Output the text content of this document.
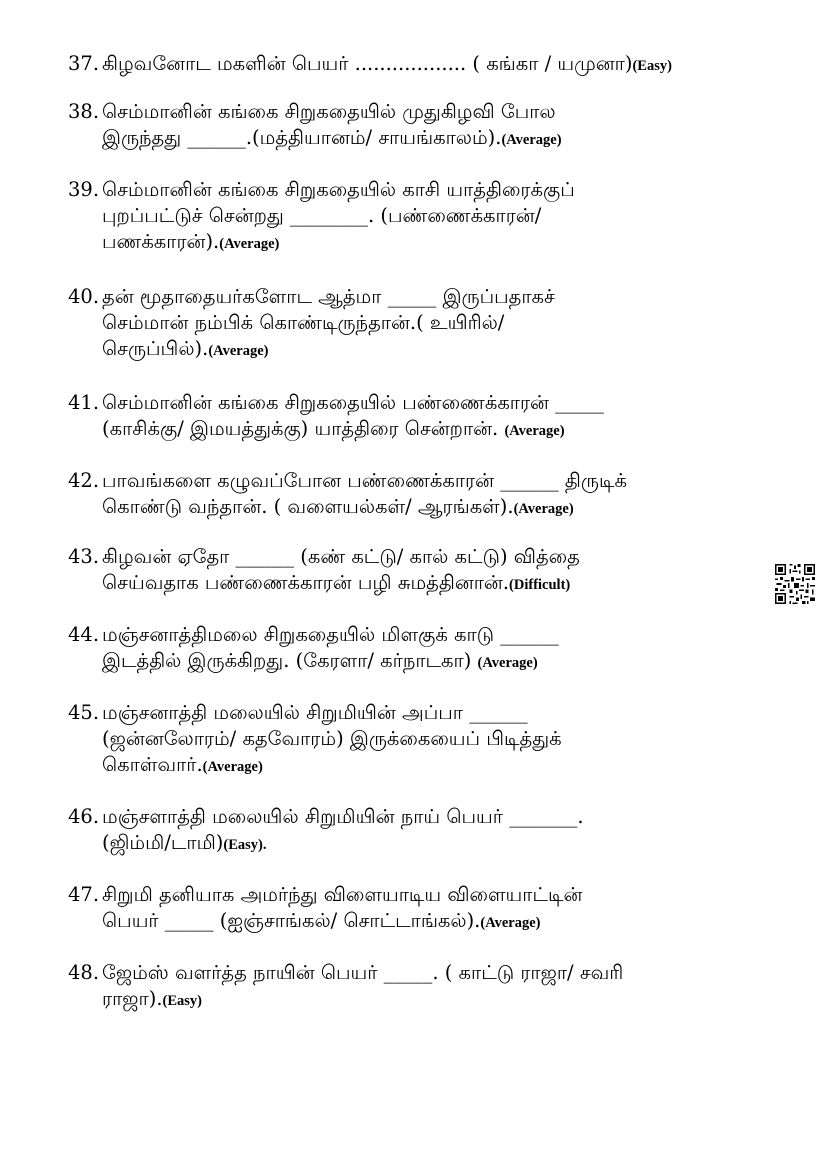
37. கிழவனோட மகளின் பெயர் .................. ( கங்கா / யமுனா)(Easy)
38. செம்மானின் கங்கை சிறுகதையில் முதுகிழவி போல
இருந்தது ______.(மத்தியானம்/ சாயங்காலம்).(Average)
39. செம்மானின் கங்கை சிறுகதையில் காசி யாத்திரைக்குப்
புறப்பட்டுச் சென்றது ________. (பண்ணைக்காரன்/
பணக்காரன்).(Average)
40. தன் மூதாதையர்களோட ஆத்மா _____ இருப்பதாகச்
செம்மான் நம்பிக் கொண்டிருந்தான்.( உயிரில்/
செருப்பில்).(Average)
41. செம்மானின் கங்கை சிறுகதையில் பண்ணைக்காரன் _____
(காசிக்கு/ இமயத்துக்கு) யாத்திரை சென்றான். (Average)
42. பாவங்களை கழுவப்போன பண்ணைக்காரன் ______ திருடிக்
கொண்டு வந்தான். ( வளையல்கள்/ ஆரங்கள்).(Average)
43. கிழவன் ஏதோ ______ (கண் கட்டு/ கால் கட்டு) வித்தை
செய்வதாக பண்ணைக்காரன் பழி சுமத்தினான்.(Difficult)
44. மஞ்சனாத்திமலை சிறுகதையில் மிளகுக் காடு ______
இடத்தில் இருக்கிறது. (கேரளா/ கர்நாடகா) (Average)
45. மஞ்சனாத்தி மலையில் சிறுமியின் அப்பா ______
(ஜன்னலோரம்/ கதவோரம்) இருக்கையைப் பிடித்துக்
கொள்வார்.(Average)
46. மஞ்சளாத்தி மலையில் சிறுமியின் நாய் பெயர் _______.
(ஜிம்மி/டாமி)(Easy).
47. சிறுமி தனியாக அமர்ந்து விளையாடிய விளையாட்டின்
பெயர் _____ (ஐஞ்சாங்கல்/ சொட்டாங்கல்).(Average)
48. ஜேம்ஸ் வளர்த்த நாயின் பெயர் _____. ( காட்டு ராஜா/ சவரி
ராஜா).(Easy)
